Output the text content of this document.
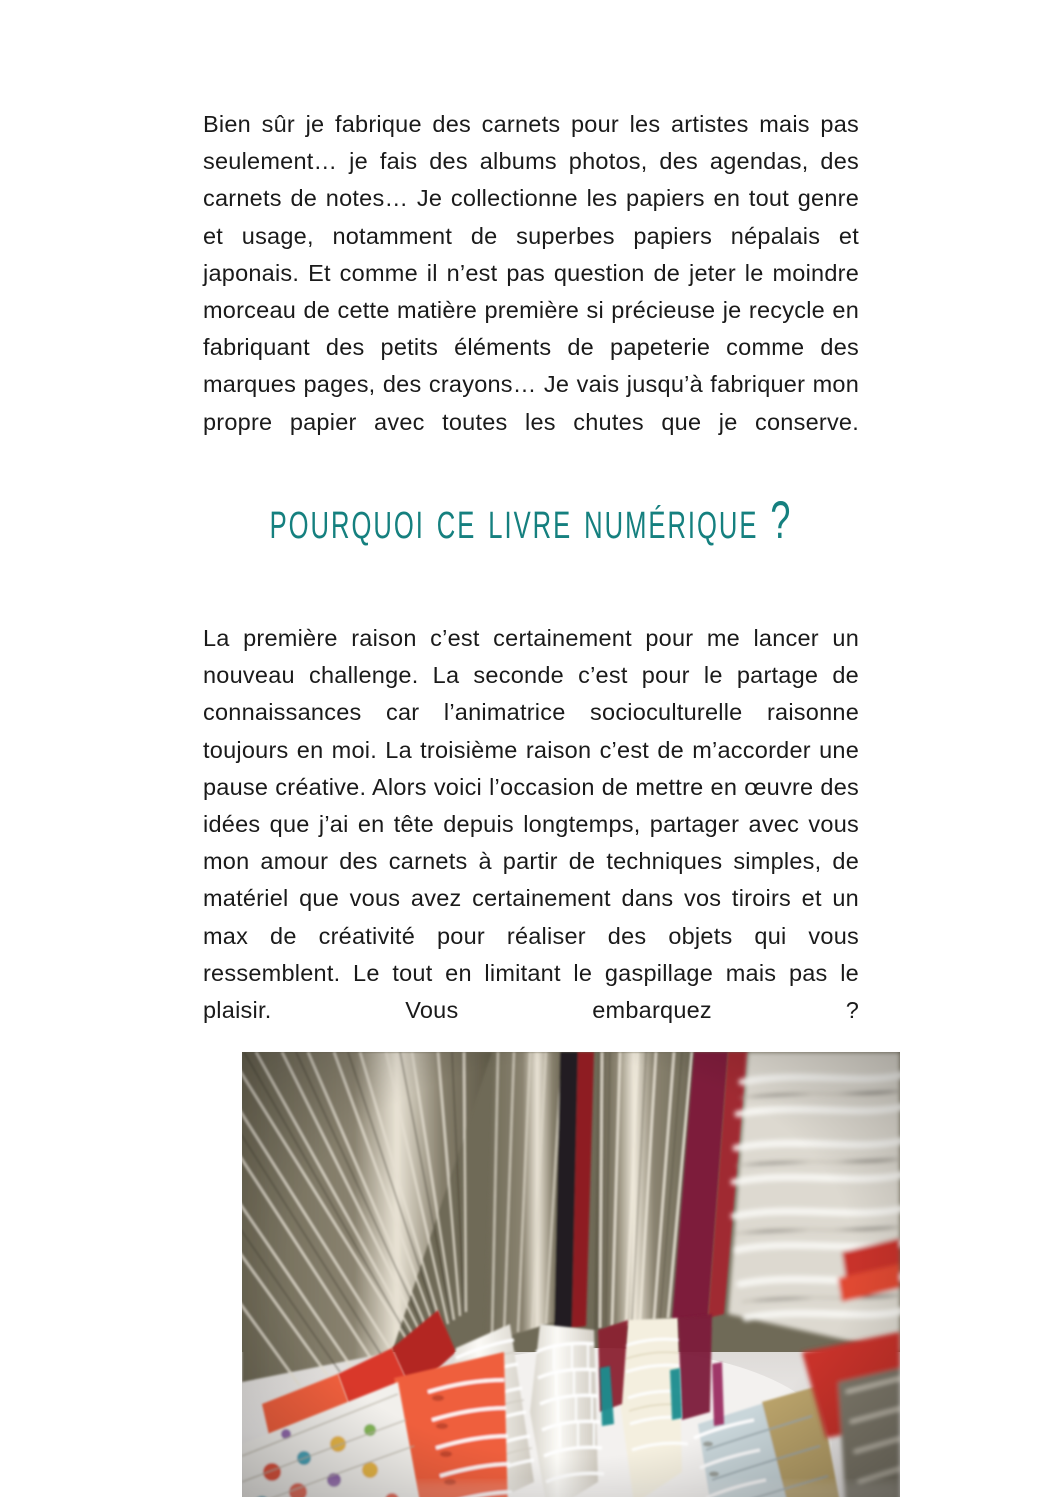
Bien sûr je fabrique des carnets pour les artistes mais pas seulement… je fais des albums photos, des agendas, des carnets de notes… Je collectionne les papiers en tout genre et usage, notamment de superbes papiers népalais et japonais. Et comme il n’est pas question de jeter le moindre morceau de cette matière première si précieuse je recycle en fabriquant des petits éléments de papeterie comme des marques pages, des crayons… Je vais jusqu’à fabriquer mon propre papier avec toutes les chutes que je conserve.

pourquoi ce livre numérique ?

La première raison c’est certainement pour me lancer un nouveau challenge. La seconde c’est pour le partage de connaissances car l’animatrice socioculturelle raisonne toujours en moi. La troisième raison c’est de m’accorder une pause créative. Alors voici l’occasion de mettre en œuvre des idées que j’ai en tête depuis longtemps, partager avec vous mon amour des carnets à partir de techniques simples, de matériel que vous avez certainement dans vos tiroirs et un max de créativité pour réaliser des objets qui vous ressemblent. Le tout en limitant le gaspillage mais pas le plaisir. Vous embarquez ?
